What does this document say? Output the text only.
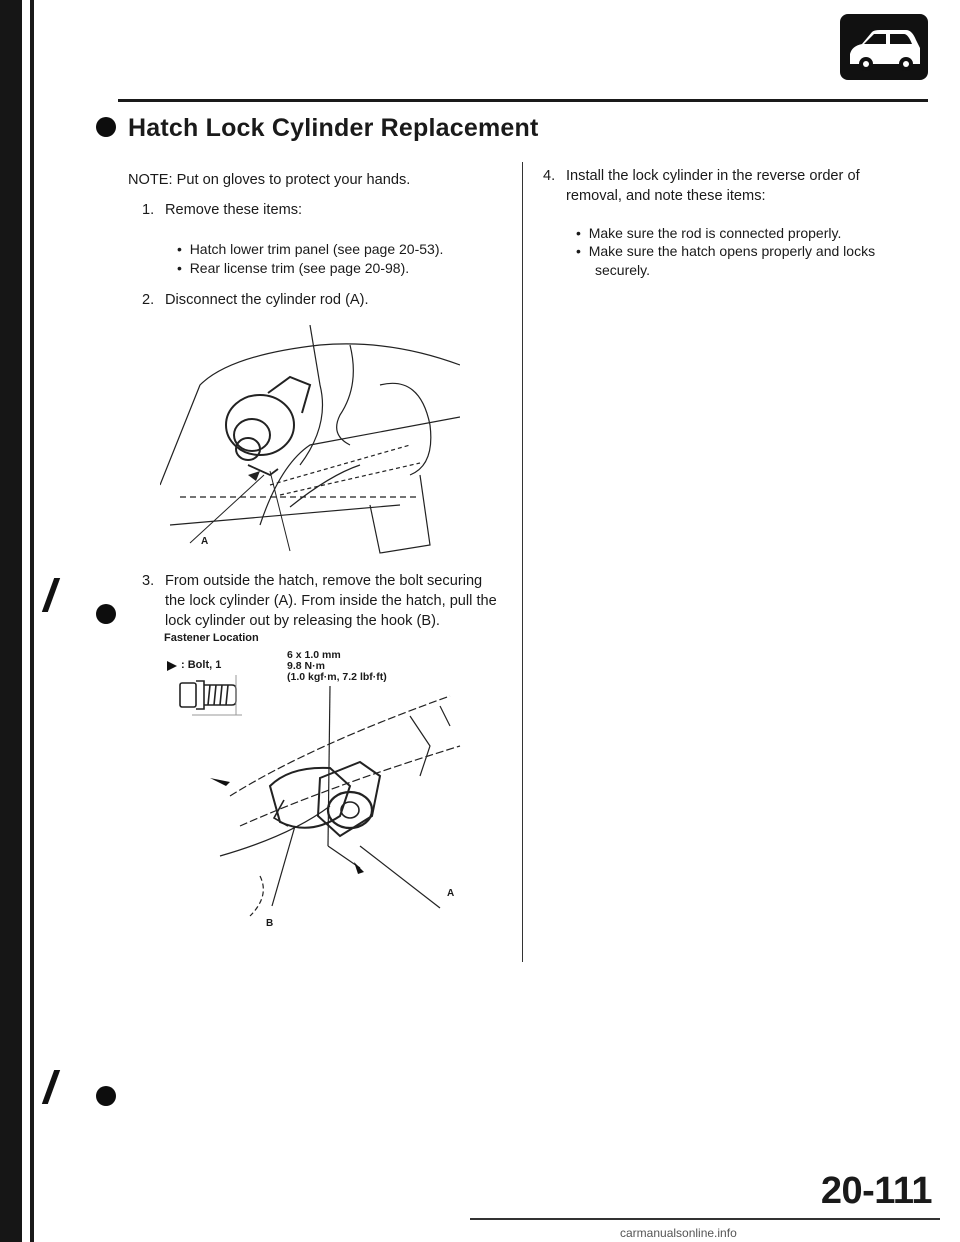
Hatch Lock Cylinder Replacement
NOTE: Put on gloves to protect your hands.
1. Remove these items:
•  Hatch lower trim panel (see page 20-53).
•  Rear license trim (see page 20-98).
2. Disconnect the cylinder rod (A).
A
3. From outside the hatch, remove the bolt securing
the lock cylinder (A). From inside the hatch, pull the
lock cylinder out by releasing the hook (B).
Fastener Location
: Bolt, 1
6 x 1.0 mm
9.8 N·m
(1.0 kgf·m, 7.2 lbf·ft)
B
A
4. Install the lock cylinder in the reverse order of
removal, and note these items:
•  Make sure the rod is connected properly.
•  Make sure the hatch opens properly and locks
securely.
20-111
carmanualsonline.info
